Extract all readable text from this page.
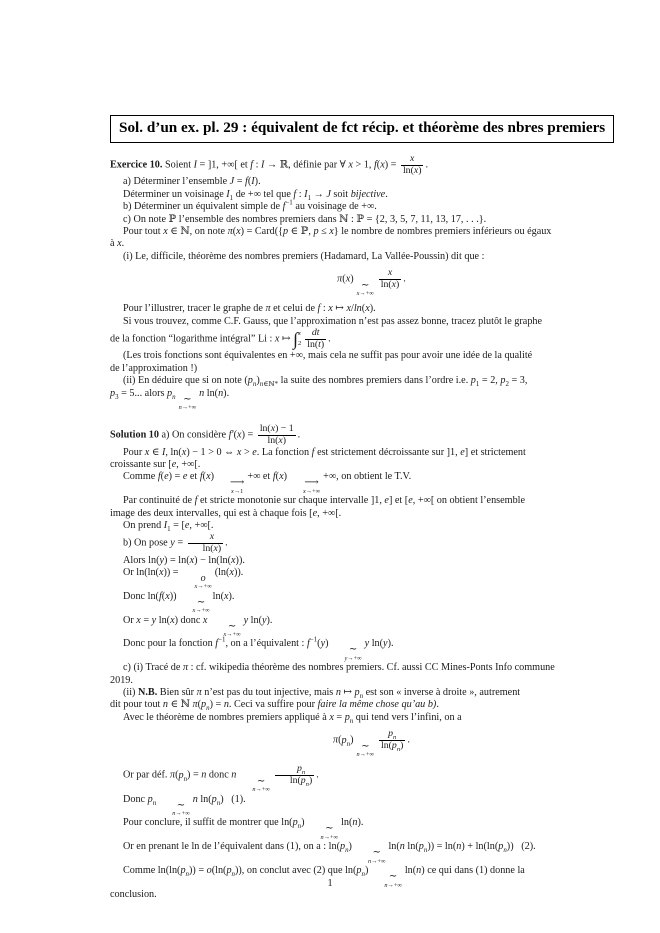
Sol. d’un ex. pl. 29 : équivalent de fct récip. et théorème des nbres premiers
Exercice 10. Soient I = ]1, +∞[ et f : I → ℝ, définie par ∀ x > 1, $f(x) = \frac{x}{\ln(x)}$ .
a) Déterminer l’ensemble J = f(I).
Déterminer un voisinage $I_1$ de +∞ tel que f : $I_1 \to J$ soit bijective.
b) Déterminer un équivalent simple de $f^{-1}$ au voisinage de +∞.
c) On note ℙ l’ensemble des nombres premiers dans ℕ : ℙ = {2, 3, 5, 7, 11, 13, 17, . . .}.
Pour tout x ∈ ℕ, on note π(x) = Card({p ∈ ℙ, p ≤ x} le nombre de nombres premiers inférieurs ou égaux
à x.
(i) Le, difficile, théorème des nombres premiers (Hadamard, La Vallée-Poussin) dit que :
π(x)
∼
x→+∞
$\frac{x}{\ln(x)}$ .
Pour l’illustrer, tracer le graphe de π et celui de f : x ↦ x/ln(x).
Si vous trouvez, comme C.F. Gauss, que l’approximation n’est pas assez bonne, tracez plutôt le graphe
de la fonction “logarithme intégral” Li : x ↦ ∫ x
$2 \frac{dt}{\ln(t)}$ .
(Les trois fonctions sont équivalentes en +∞, mais cela ne suffit pas pour avoir une idée de la qualité
de l’approximation !)
(ii) En déduire que si on note $(p_n)_{n\in ℕ*}$ la suite des nombres premiers dans l’ordre i.e. $p_1 = 2$, $p_2 = 3$,
$p_3 = 5$... alors $p_n$ ∼
n→+∞
n ln(n).
Solution 10 a) On considère $f'(x) = \frac{\ln(x) - 1}{\ln(x)}$ .
Pour x ∈ I, ln(x) − 1 > 0 ⇔ x > e. La fonction f est strictement décroissante sur ]1, e] et strictement
croissante sur [e, +∞[.
Comme f(e) = e et f(x)
⟶
x→1
+∞ et f(x)
⟶
x→+∞
+∞, on obtient le T.V.
Par continuité de f et stricte monotonie sur chaque intervalle ]1, e] et [e, +∞[ on obtient l’ensemble
image des deux intervalles, qui est à chaque fois [e, +∞[.
On prend $I_1 = [e$, +∞[.
b) On pose $y = \frac{x}{\ln(x)}$ .
Alors ln(y) = ln(x) − ln(ln(x)).
Or ln(ln(x)) =
o
x→+∞
(ln(x)).
Donc ln(f(x))
∼
x→+∞
ln(x).
Or x = y ln(x) donc x
∼
x→+∞
y ln(y).
Donc pour la fonction $f^{-1}$, on a l’équivalent : $f^{-1}(y)$
∼
y→+∞
y ln(y).
c) (i) Tracé de π : cf. wikipedia théorème des nombres premiers. Cf. aussi CC Mines-Ponts Info commune
2019.
(ii) N.B. Bien sûr π n’est pas du tout injective, mais n ↦ $p_n$ est son « inverse à droite », autrement
dit pour tout n ∈ ℕ $\pi(p_n) = n$. Ceci va suffire pour faire la même chose qu’au b).
Avec le théorème de nombres premiers appliqué à $x = p_n$ qui tend vers l’infini, on a
$\pi(p_n)$
∼
n→+∞
$\frac{p_n}{\ln(p_n)}$ .
Or par déf. $\pi(p_n) = n$ donc n
∼
n→+∞
$\frac{p_n}{\ln(p_n)}$ .
Donc $p_n$	∼
n→+∞
n $\ln(p_n)$   (1).
Pour conclure, il suffit de montrer que $\ln(p_n)$
∼
n→+∞
ln(n).
Or en prenant le ln de l’équivalent dans (1), on a : $\ln(p_n)$
∼
n→+∞
ln(n $\ln(p_n)) = \ln(n) + \ln(\ln(p_n))$   (2).
Comme $\ln(\ln(p_n)) = o(\ln(p_n))$, on conclut avec (2) que $\ln(p_n)$
∼
n→+∞
ln(n) ce qui dans (1) donne la
conclusion.
1
